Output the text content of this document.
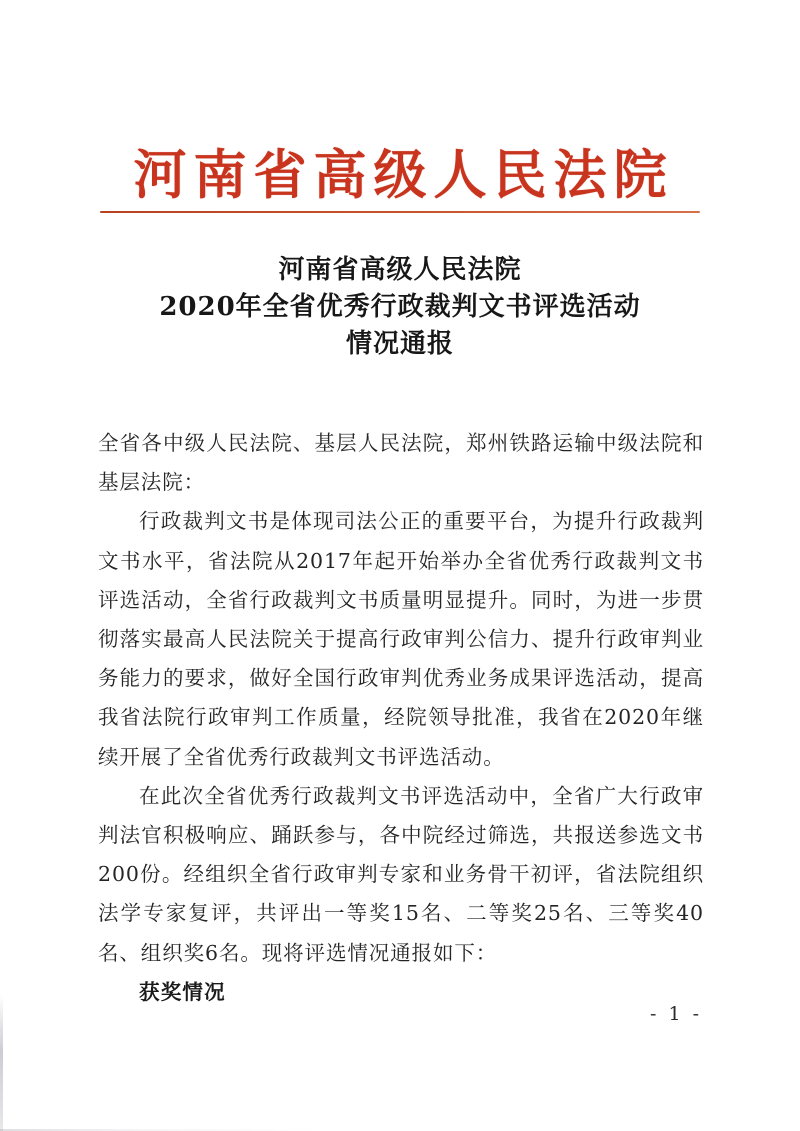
河南省高级人民法院
河南省高级人民法院
2020年全省优秀行政裁判文书评选活动
情况通报

全省各中级人民法院、基层人民法院，郑州铁路运输中级法院和基层法院：

行政裁判文书是体现司法公正的重要平台，为提升行政裁判文书水平，省法院从2017年起开始举办全省优秀行政裁判文书评选活动，全省行政裁判文书质量明显提升。同时，为进一步贯彻落实最高人民法院关于提高行政审判公信力、提升行政审判业务能力的要求，做好全国行政审判优秀业务成果评选活动，提高我省法院行政审判工作质量，经院领导批准，我省在2020年继续开展了全省优秀行政裁判文书评选活动。

在此次全省优秀行政裁判文书评选活动中，全省广大行政审判法官积极响应、踊跃参与，各中院经过筛选，共报送参选文书200份。经组织全省行政审判专家和业务骨干初评，省法院组织法学专家复评，共评出一等奖15名、二等奖25名、三等奖40名、组织奖6名。现将评选情况通报如下：

获奖情况

- 1 -
